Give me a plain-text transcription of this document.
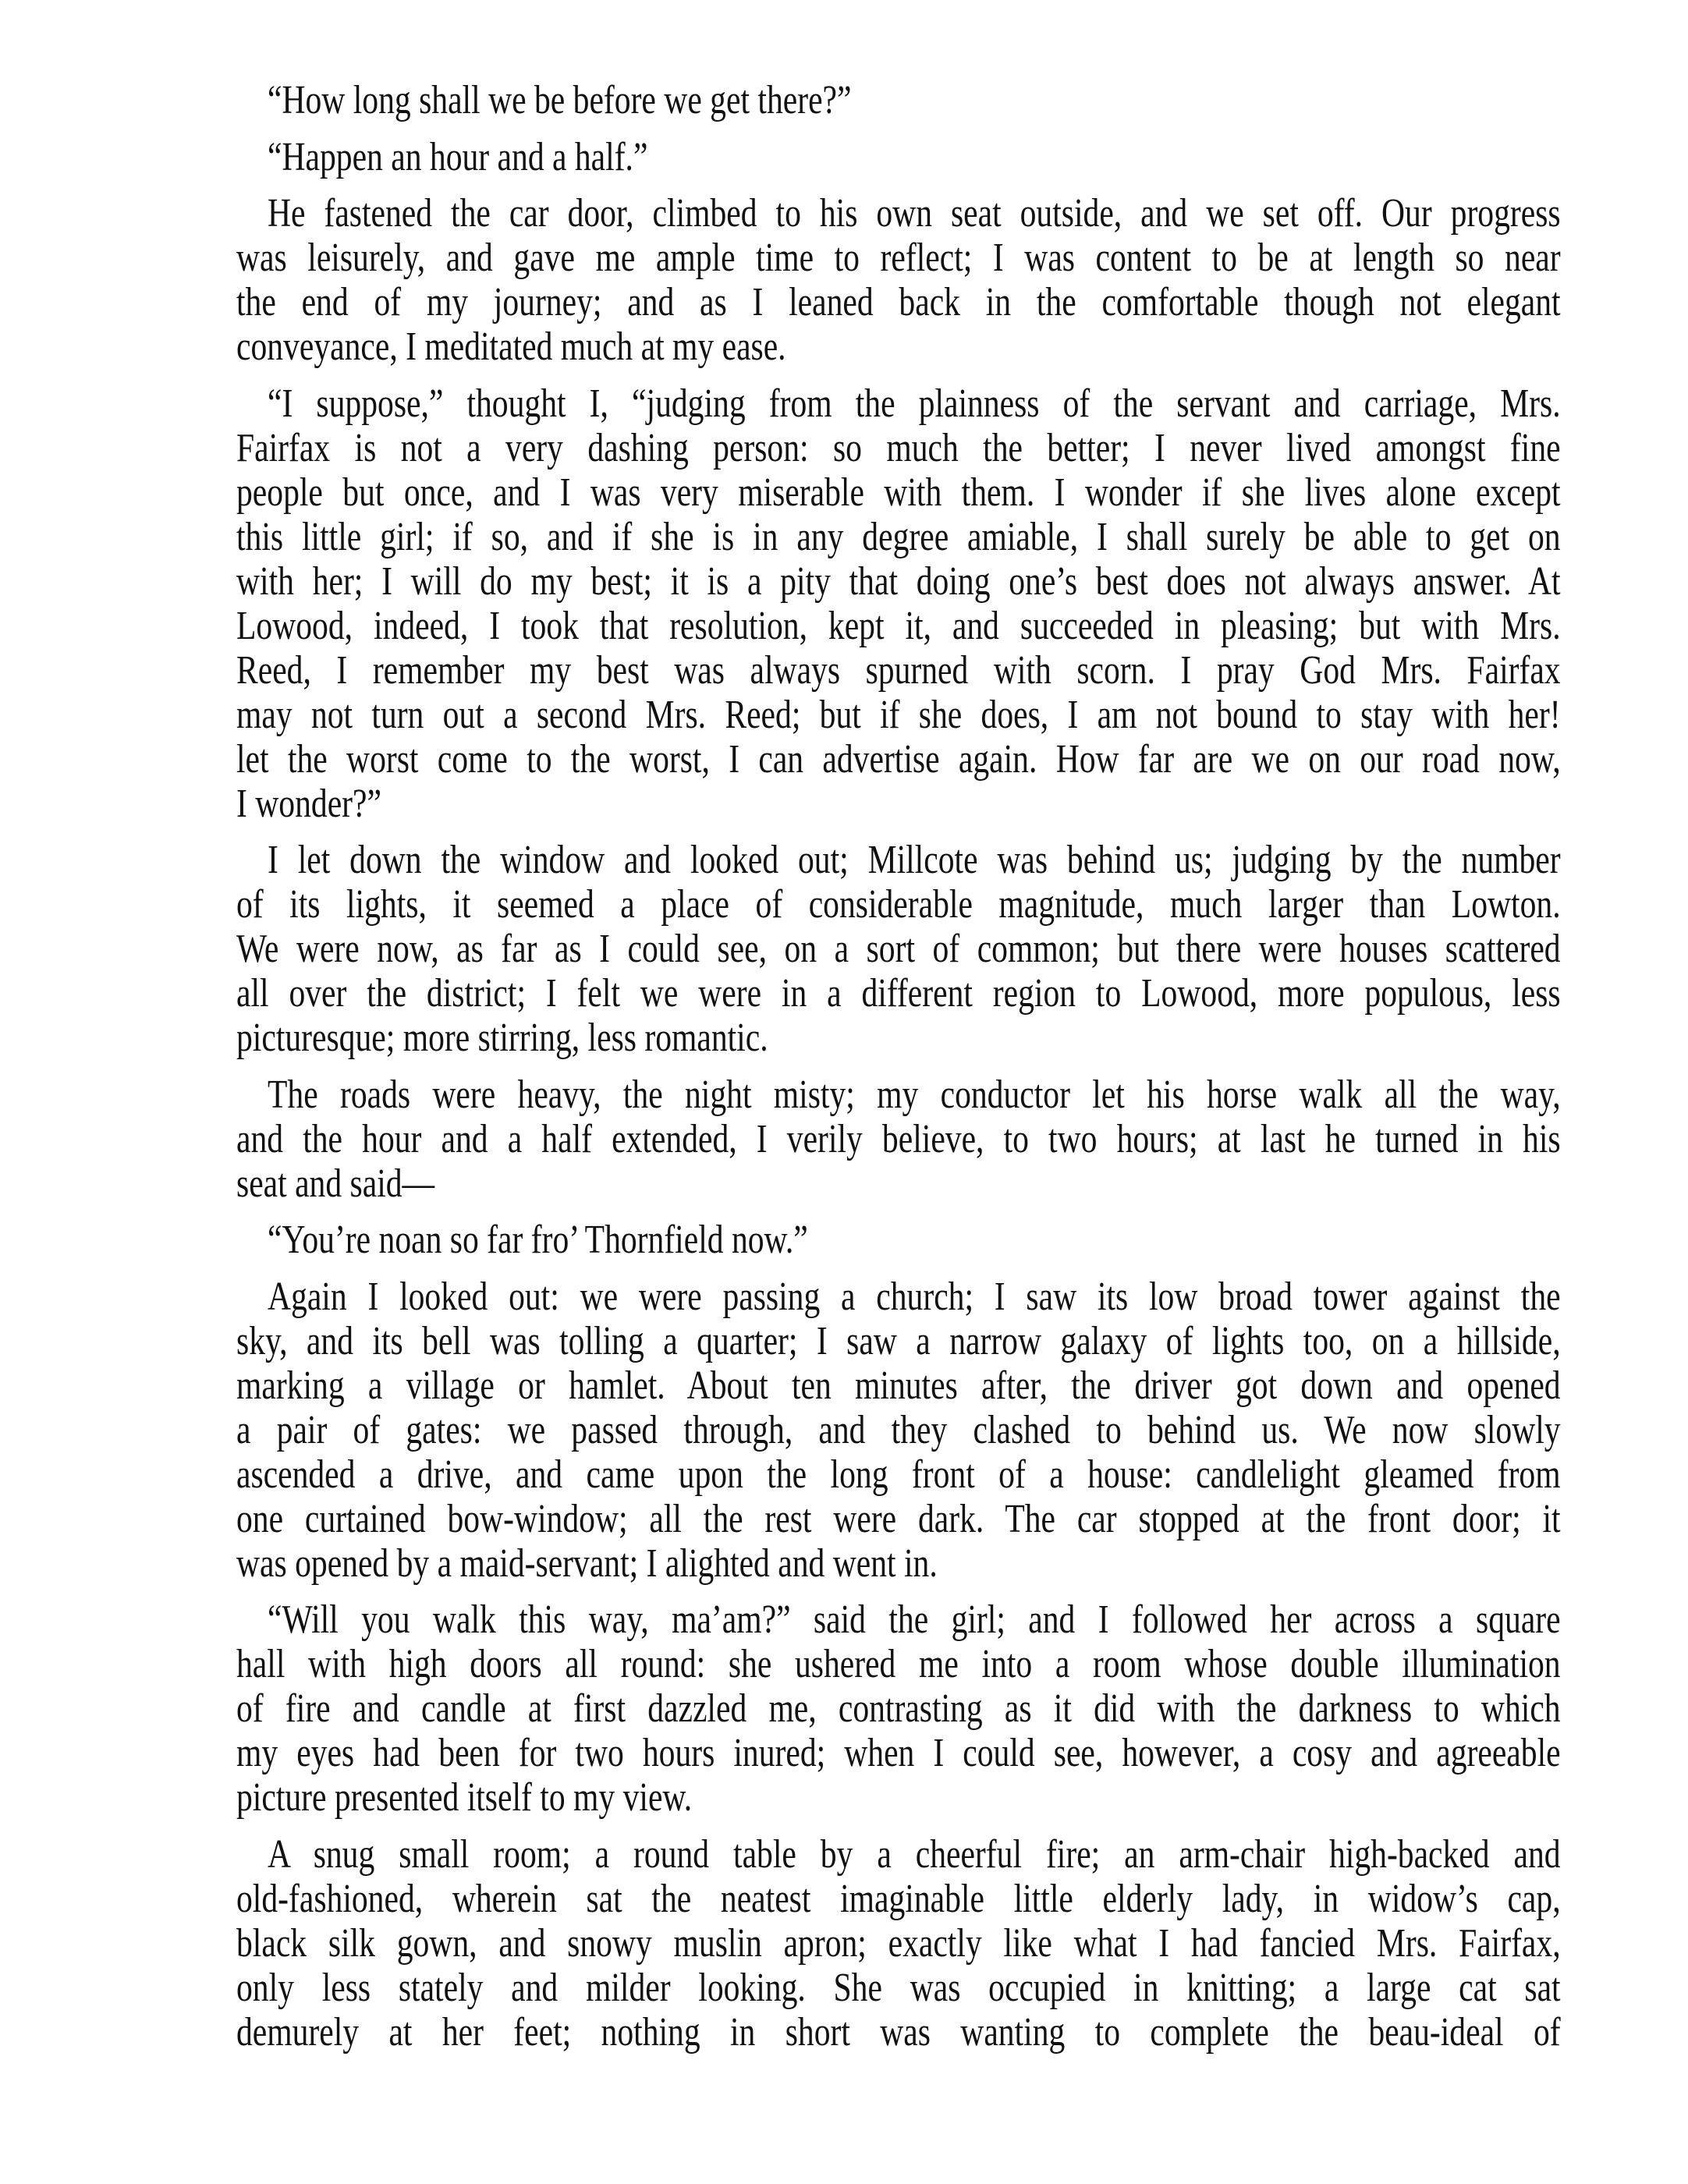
“How long shall we be before we get there?”
“Happen an hour and a half.”
He fastened the car door, climbed to his own seat outside, and we set off. Our progress
was leisurely, and gave me ample time to reflect; I was content to be at length so near
the end of my journey; and as I leaned back in the comfortable though not elegant
conveyance, I meditated much at my ease.
“I suppose,” thought I, “judging from the plainness of the servant and carriage, Mrs.
Fairfax is not a very dashing person: so much the better; I never lived amongst fine
people but once, and I was very miserable with them. I wonder if she lives alone except
this little girl; if so, and if she is in any degree amiable, I shall surely be able to get on
with her; I will do my best; it is a pity that doing one’s best does not always answer. At
Lowood, indeed, I took that resolution, kept it, and succeeded in pleasing; but with Mrs.
Reed, I remember my best was always spurned with scorn. I pray God Mrs. Fairfax
may not turn out a second Mrs. Reed; but if she does, I am not bound to stay with her!
let the worst come to the worst, I can advertise again. How far are we on our road now,
I wonder?”
I let down the window and looked out; Millcote was behind us; judging by the number
of its lights, it seemed a place of considerable magnitude, much larger than Lowton.
We were now, as far as I could see, on a sort of common; but there were houses scattered
all over the district; I felt we were in a different region to Lowood, more populous, less
picturesque; more stirring, less romantic.
The roads were heavy, the night misty; my conductor let his horse walk all the way,
and the hour and a half extended, I verily believe, to two hours; at last he turned in his
seat and said—
“You’re noan so far fro’ Thornfield now.”
Again I looked out: we were passing a church; I saw its low broad tower against the
sky, and its bell was tolling a quarter; I saw a narrow galaxy of lights too, on a hillside,
marking a village or hamlet. About ten minutes after, the driver got down and opened
a pair of gates: we passed through, and they clashed to behind us. We now slowly
ascended a drive, and came upon the long front of a house: candlelight gleamed from
one curtained bow-window; all the rest were dark. The car stopped at the front door; it
was opened by a maid-servant; I alighted and went in.
“Will you walk this way, ma’am?” said the girl; and I followed her across a square
hall with high doors all round: she ushered me into a room whose double illumination
of fire and candle at first dazzled me, contrasting as it did with the darkness to which
my eyes had been for two hours inured; when I could see, however, a cosy and agreeable
picture presented itself to my view.
A snug small room; a round table by a cheerful fire; an arm-chair high-backed and
old-fashioned, wherein sat the neatest imaginable little elderly lady, in widow’s cap,
black silk gown, and snowy muslin apron; exactly like what I had fancied Mrs. Fairfax,
only less stately and milder looking. She was occupied in knitting; a large cat sat
demurely at her feet; nothing in short was wanting to complete the beau-ideal of
